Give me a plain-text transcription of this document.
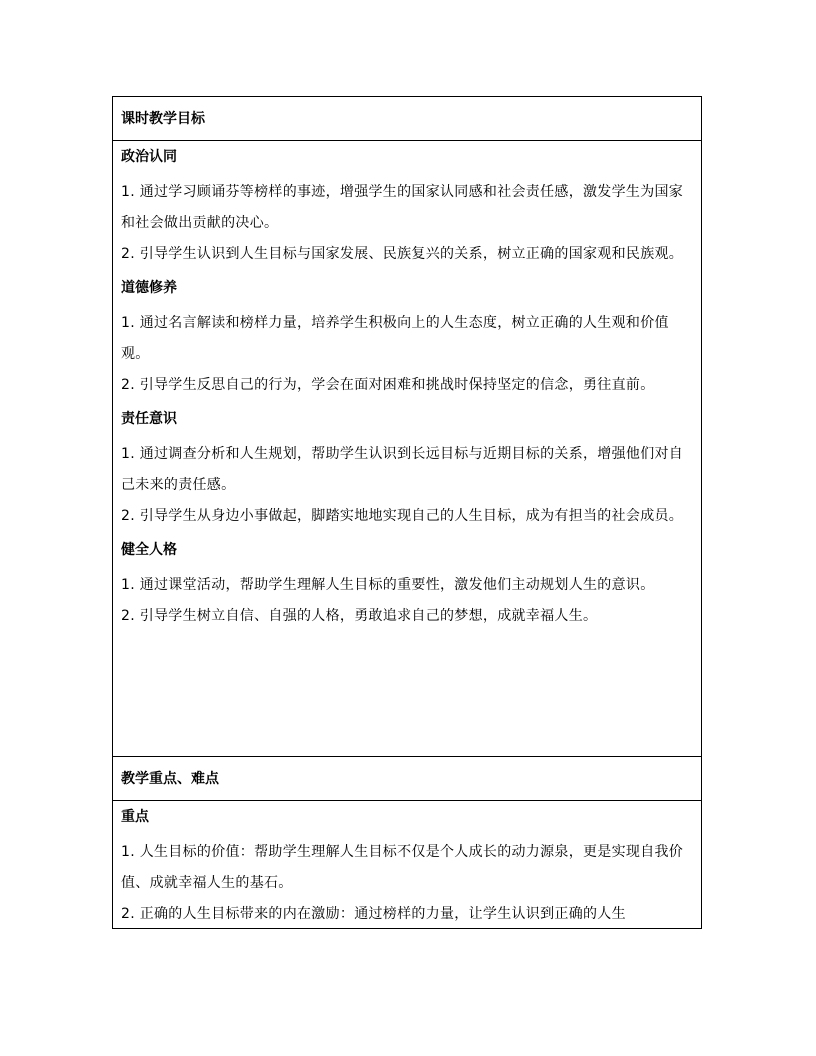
课时教学目标
政治认同

1. 通过学习顾诵芬等榜样的事迹，增强学生的国家认同感和社会责任感，激发学生为国家和社会做出贡献的决心。

2. 引导学生认识到人生目标与国家发展、民族复兴的关系，树立正确的国家观和民族观。

道德修养

1. 通过名言解读和榜样力量，培养学生积极向上的人生态度，树立正确的人生观和价值观。

2. 引导学生反思自己的行为，学会在面对困难和挑战时保持坚定的信念，勇往直前。

责任意识

1. 通过调查分析和人生规划，帮助学生认识到长远目标与近期目标的关系，增强他们对自己未来的责任感。

2. 引导学生从身边小事做起，脚踏实地地实现自己的人生目标，成为有担当的社会成员。

健全人格

1. 通过课堂活动，帮助学生理解人生目标的重要性，激发他们主动规划人生的意识。

2. 引导学生树立自信、自强的人格，勇敢追求自己的梦想，成就幸福人生。

教学重点、难点
重点

1. 人生目标的价值：帮助学生理解人生目标不仅是个人成长的动力源泉，更是实现自我价值、成就幸福人生的基石。

2. 正确的人生目标带来的内在激励：通过榜样的力量，让学生认识到正确的人生
